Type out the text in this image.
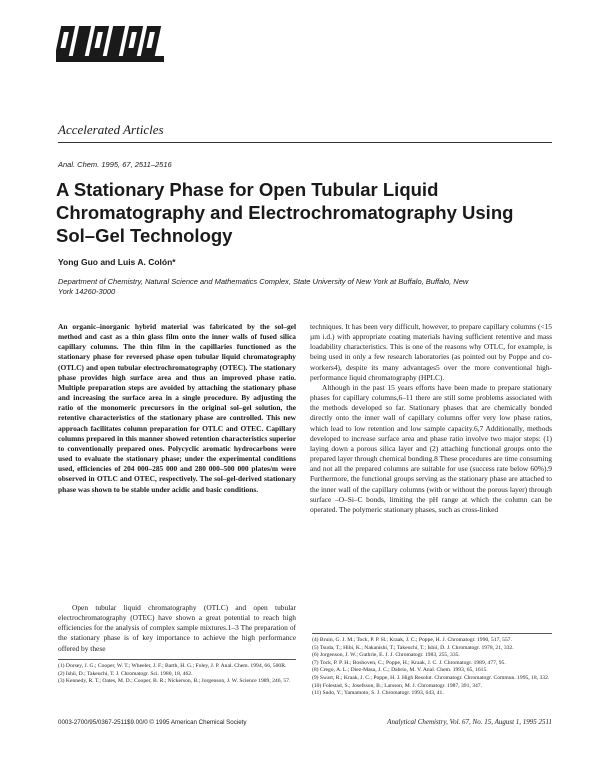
Accelerated Articles
Anal. Chem. 1995, 67, 2511–2516
A Stationary Phase for Open Tubular Liquid Chromatography and Electrochromatography Using Sol–Gel Technology
Yong Guo and Luis A. Colón*
Department of Chemistry, Natural Science and Mathematics Complex, State University of New York at Buffalo, Buffalo, New York 14260-3000

An organic–inorganic hybrid material was fabricated by the sol–gel method and cast as a thin glass film onto the inner walls of fused silica capillary columns. The thin film in the capillaries functioned as the stationary phase for reversed phase open tubular liquid chromatography (OTLC) and open tubular electrochromatography (OTEC). The stationary phase provides high surface area and thus an improved phase ratio. Multiple preparation steps are avoided by attaching the stationary phase and increasing the surface area in a single procedure. By adjusting the ratio of the monomeric precursors in the original sol–gel solution, the retentive characteristics of the stationary phase are controlled. This new approach facilitates column preparation for OTLC and OTEC. Capillary columns prepared in this manner showed retention characteristics superior to conventionally prepared ones. Polycyclic aromatic hydrocarbons were used to evaluate the stationary phase; under the experimental conditions used, efficiencies of 204 000–285 000 and 280 000–500 000 plates/m were observed in OTLC and OTEC, respectively. The sol–gel-derived stationary phase was shown to be stable under acidic and basic conditions.

Open tubular liquid chromatography (OTLC) and open tubular electrochromatography (OTEC) have shown a great potential to reach high efficiencies for the analysis of complex sample mixtures.1–3 The preparation of the stationary phase is of key importance to achieve the high performance offered by these

(1) Dorsey, J. G.; Cooper, W. T.; Wheeler, J. F.; Barth, H. G.; Foley, J. P. Anal. Chem. 1994, 66, 500R.
(2) Ishii, D.; Takeuchi, T. J. Chromatogr. Sci. 1980, 18, 462.
(3) Kennedy, R. T.; Oates, M. D.; Cooper, B. R.; Nickerson, B.; Jorgenson, J. W. Science 1989, 246, 57.

techniques. It has been very difficult, however, to prepare capillary columns (<15 µm i.d.) with appropriate coating materials having sufficient retentive and mass loadability characteristics. This is one of the reasons why OTLC, for example, is being used in only a few research laboratories (as pointed out by Poppe and co-workers4), despite its many advantages5 over the more conventional high-performance liquid chromatography (HPLC).

Although in the past 15 years efforts have been made to prepare stationary phases for capillary columns,6–11 there are still some problems associated with the methods developed so far. Stationary phases that are chemically bonded directly onto the inner wall of capillary columns offer very low phase ratios, which lead to low retention and low sample capacity.6,7 Additionally, methods developed to increase surface area and phase ratio involve two major steps: (1) laying down a porous silica layer and (2) attaching functional groups onto the prepared layer through chemical bonding.8 These procedures are time consuming and not all the prepared columns are suitable for use (success rate below 60%).9 Furthermore, the functional groups serving as the stationary phase are attached to the inner wall of the capillary columns (with or without the porous layer) through surface –O–Si–C bonds, limiting the pH range at which the column can be operated. The polymeric stationary phases, such as cross-linked

(4) Bruin, G. J. M.; Tock, P. P. H.; Kraak, J. C.; Poppe, H. J. Chromatogr. 1990, 517, 557.
(5) Tsuda, T.; Hibi, K.; Nakanishi, T.; Takeuchi, T.; Ishii, D. J. Chromatogr. 1978, 21, 332.
(6) Jorgenson, J. W.; Guthrie, E. J. J. Chromatogr. 1983, 255, 335.
(7) Tock, P. P. H.; Boshoven, C.; Poppe, H.; Kraak, J. C. J. Chromatogr. 1989, 477, 95.
(8) Crego, A. L.; Diez-Masa, J. C.; Dabrio, M. V. Anal. Chem. 1993, 65, 1615.
(9) Swart, R.; Kraak, J. C.; Poppe, H. J. High Resolut. Chromatogr. Chromatogr. Commun. 1995, 18, 332.
(10) Folestad, S.; Josefsson, B.; Larsson, M. J. Chromatogr. 1987, 391, 347.
(11) Sudo, Y.; Yamamoto, S. J. Chromatogr. 1993, 643, 41.
0003-2700/95/0367-2511$9.00/0 © 1995 American Chemical Society	Analytical Chemistry, Vol. 67, No. 15, August 1, 1995 2511
